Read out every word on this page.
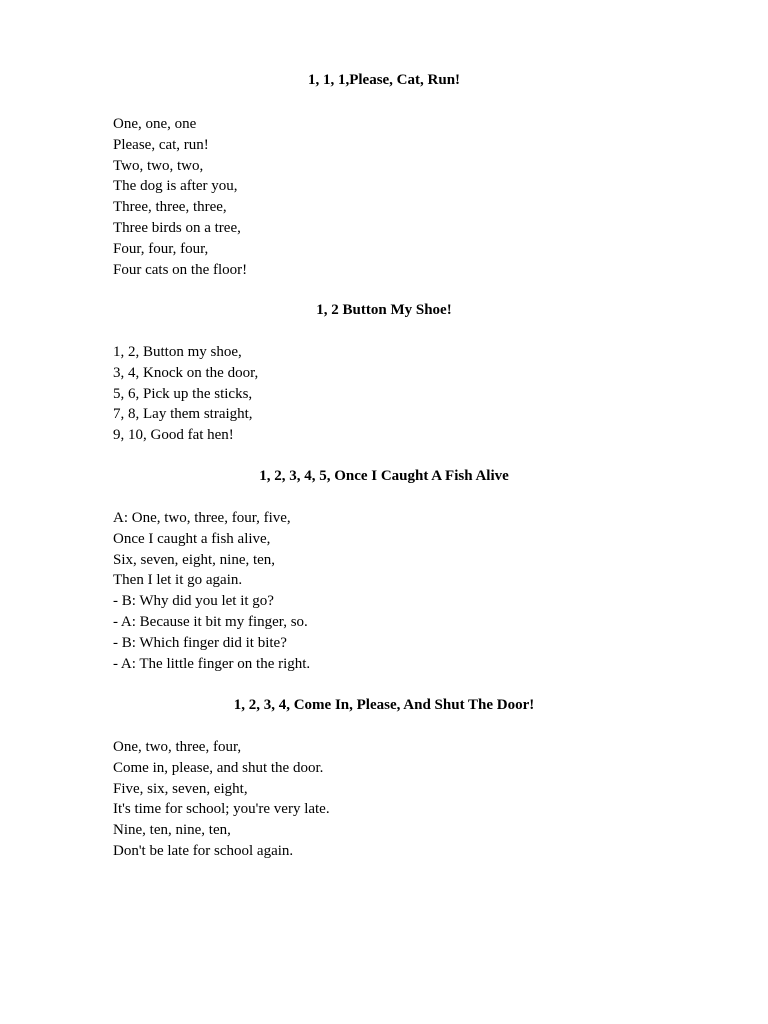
1, 1, 1,Please, Cat, Run!

One, one, one

Please, cat, run!

Two, two, two,

The dog is after you,

Three, three, three,

Three birds on a tree,

Four, four, four,

Four cats on the floor!

1, 2 Button My Shoe!

1, 2, Button my shoe,

3, 4, Knock on the door,

5, 6, Pick up the sticks,

7, 8, Lay them straight,

9, 10, Good fat hen!

1, 2, 3, 4, 5, Once I Caught A Fish Alive

A: One, two, three, four, five,

Once I caught a fish alive,

Six, seven, eight, nine, ten,

Then I let it go again.

- B: Why did you let it go?

- A: Because it bit my finger, so.

- B: Which finger did it bite?

- A: The little finger on the right.

1, 2, 3, 4, Come In, Please, And Shut The Door!

One, two, three, four,

Come in, please, and shut the door.

Five, six, seven, eight,

It's time for school; you're very late.

Nine, ten, nine, ten,

Don't be late for school again.
